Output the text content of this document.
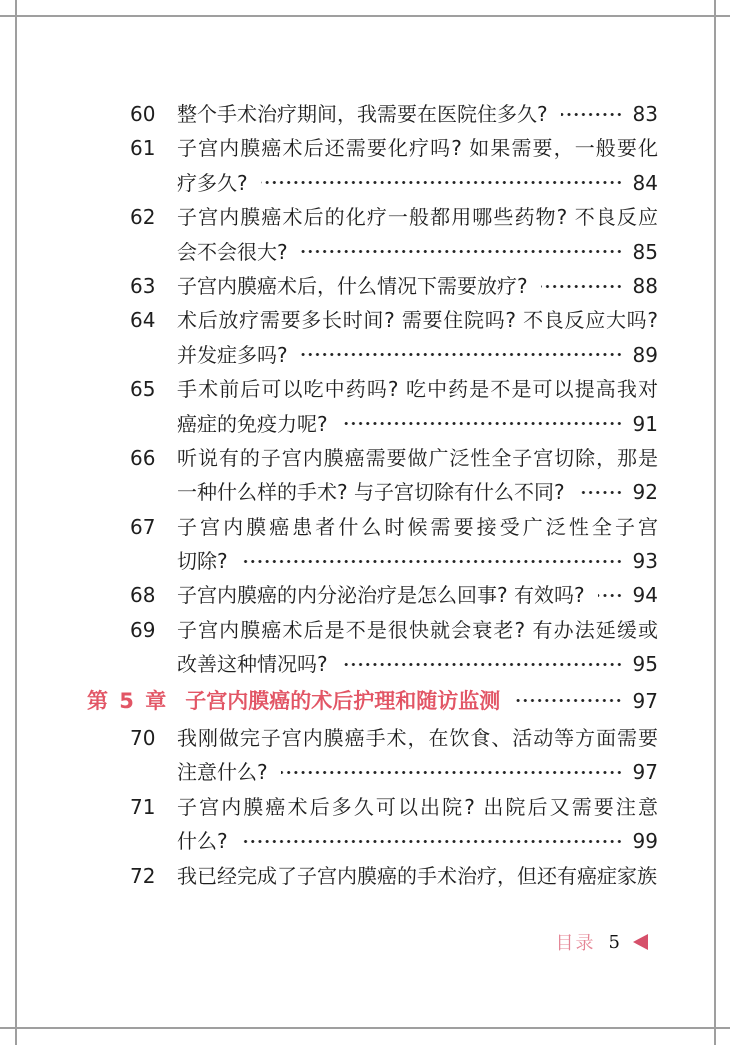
60	整个手术治疗期间，我需要在医院住多久?	83
61	子宫内膜癌术后还需要化疗吗? 如果需要，一般要化
疗多久?	84
62	子宫内膜癌术后的化疗一般都用哪些药物? 不良反应
会不会很大?	85
63	子宫内膜癌术后，什么情况下需要放疗?	88
64	术后放疗需要多长时间? 需要住院吗? 不良反应大吗?
并发症多吗?	89
65	手术前后可以吃中药吗? 吃中药是不是可以提高我对
癌症的免疫力呢?	91
66	听说有的子宫内膜癌需要做广泛性全子宫切除，那是
一种什么样的手术? 与子宫切除有什么不同?	92
67	子宫内膜癌患者什么时候需要接受广泛性全子宫
切除?	93
68	子宫内膜癌的内分泌治疗是怎么回事? 有效吗? 94
69	子宫内膜癌术后是不是很快就会衰老? 有办法延缓或
改善这种情况吗?	95
第 5 章 子宫内膜癌的术后护理和随访监测	97
70	我刚做完子宫内膜癌手术，在饮食、活动等方面需要
注意什么?	97
71	子宫内膜癌术后多久可以出院? 出院后又需要注意
什么?	99
72	我已经完成了子宫内膜癌的手术治疗，但还有癌症家族
目录 5
